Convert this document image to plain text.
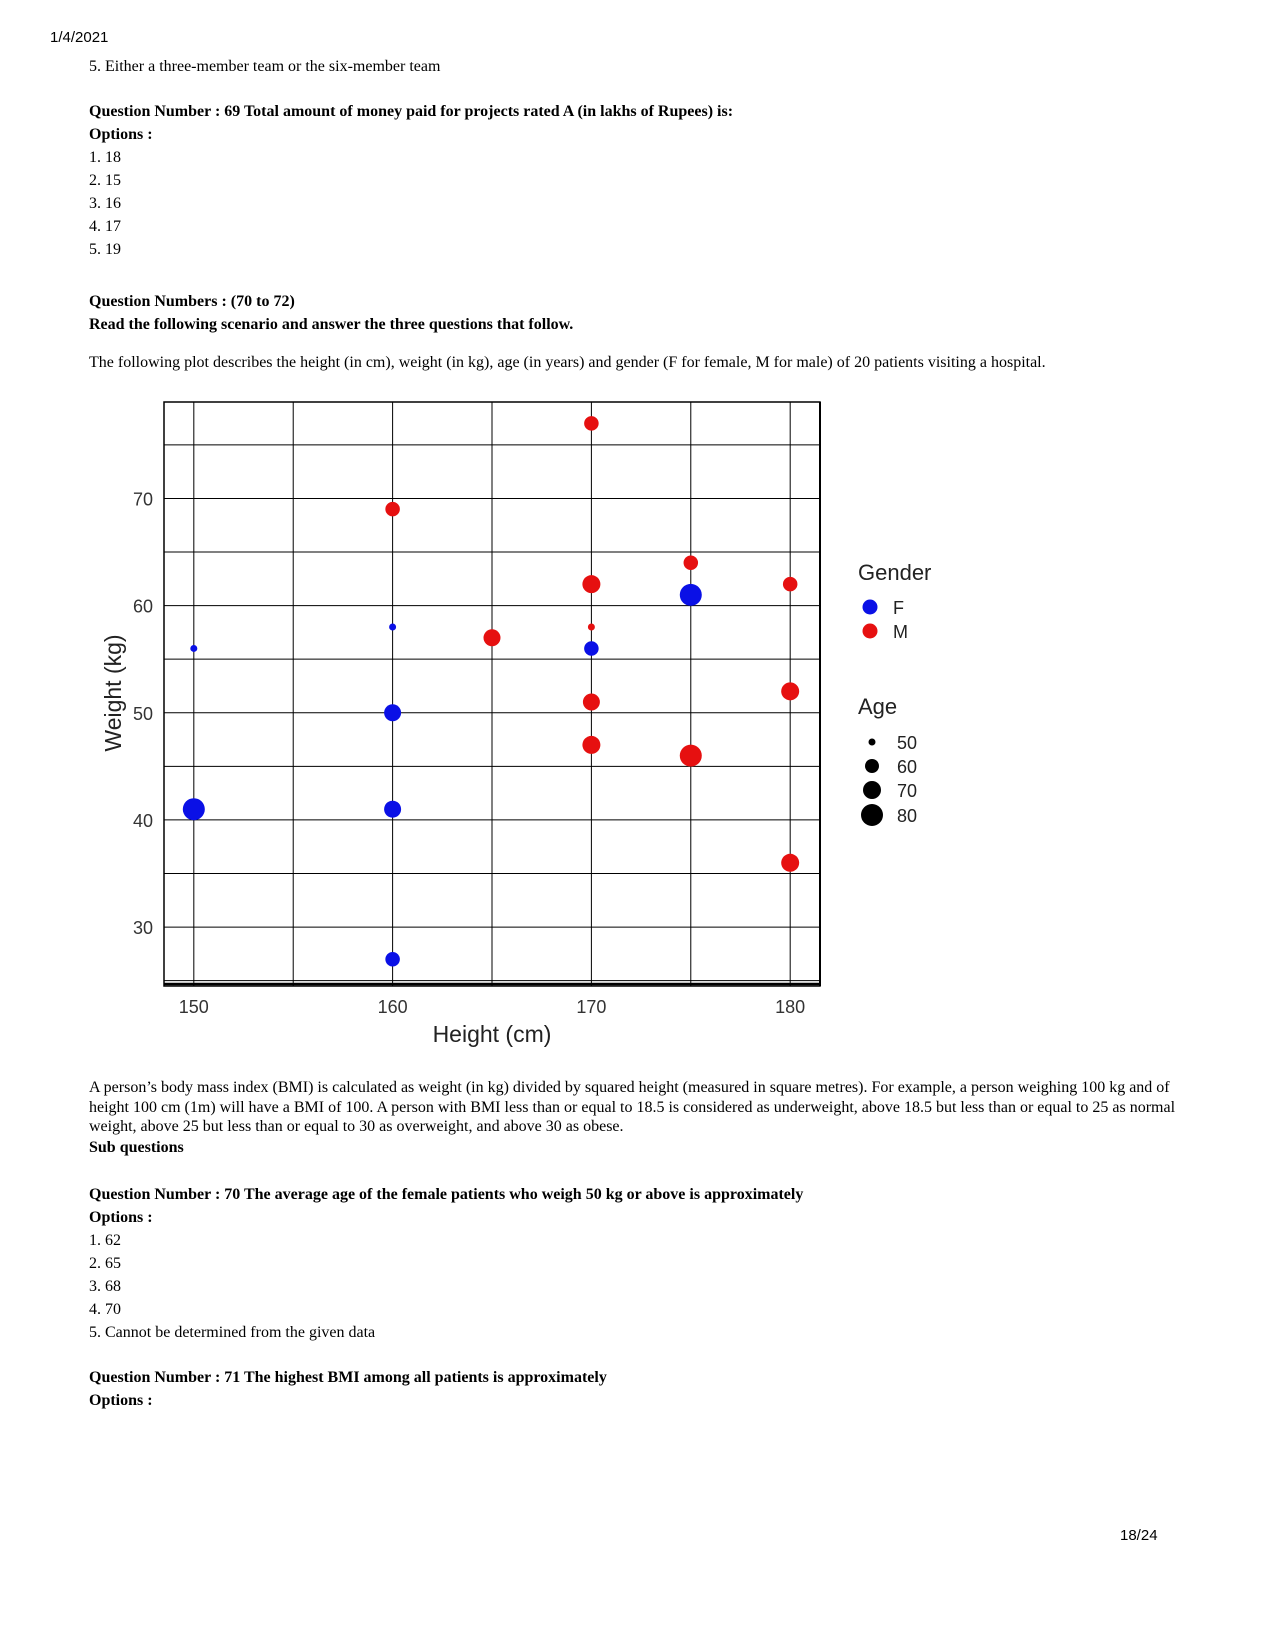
1/4/2021
5. Either a three-member team or the six-member team
Question Number : 69 Total amount of money paid for projects rated A (in lakhs of Rupees) is:
Options :
1. 18
2. 15
3. 16
4. 17
5. 19
Question Numbers : (70 to 72)
Read the following scenario and answer the three questions that follow.
The following plot describes the height (in cm), weight (in kg), age (in years) and gender (F for female, M for male) of 20 patients visiting a hospital.
150	160	170	180
30
40
50
60
70
Height (cm)
Weight (kg)
Gender
F
M
Age
50
60
70
80
A person’s body mass index (BMI) is calculated as weight (in kg) divided by squared height (measured in square metres). For example, a person weighing 100 kg and of height 100 cm (1m) will have a BMI of 100. A person with BMI less than or equal to 18.5 is considered as underweight, above 18.5 but less than or equal to 25 as normal weight, above 25 but less than or equal to 30 as overweight, and above 30 as obese.
Sub questions
Question Number : 70 The average age of the female patients who weigh 50 kg or above is approximately
Options :
1. 62
2. 65
3. 68
4. 70
5. Cannot be determined from the given data
Question Number : 71 The highest BMI among all patients is approximately
Options :
18/24
